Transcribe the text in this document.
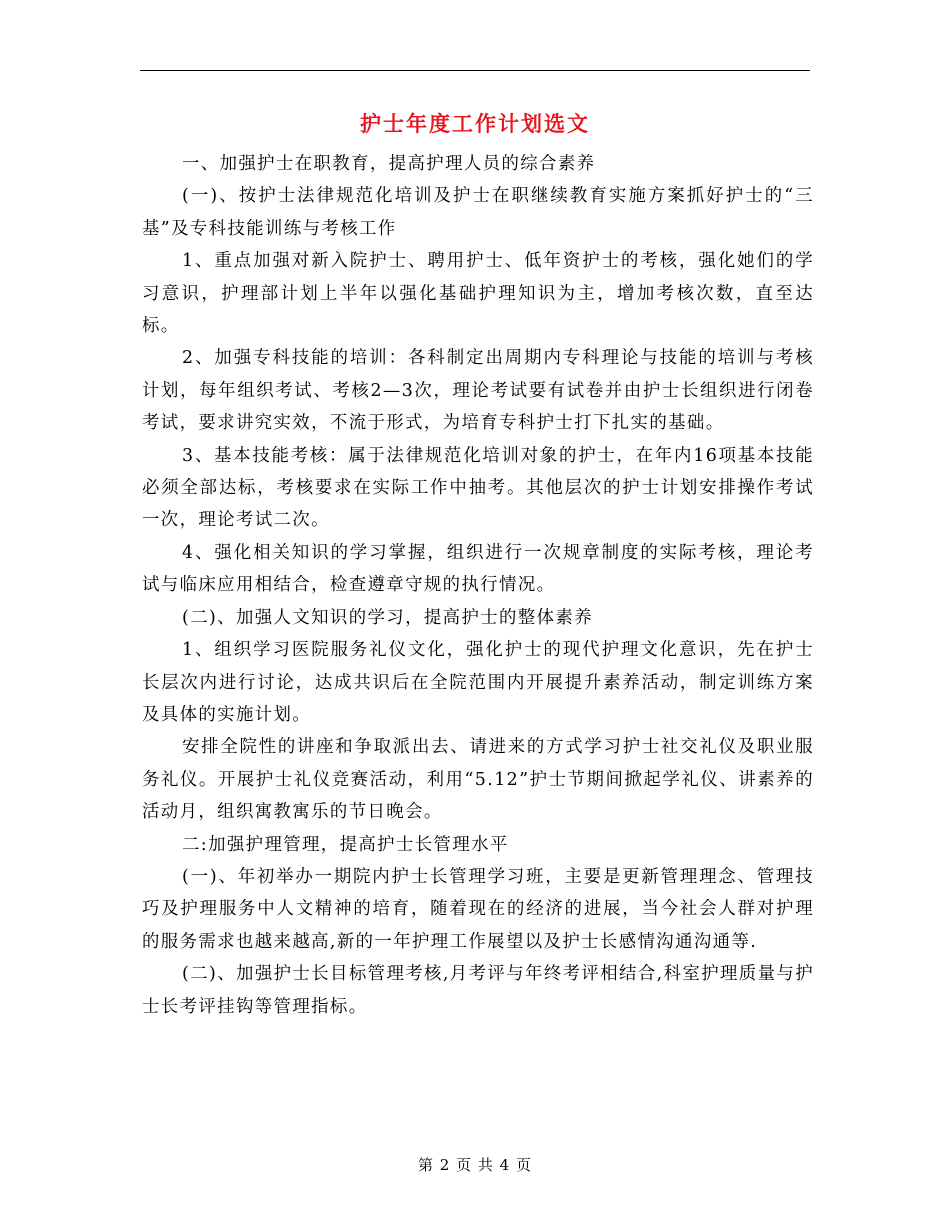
护士年度工作计划选文

一、加强护士在职教育，提高护理人员的综合素养

(一)、按护士法律规范化培训及护士在职继续教育实施方案抓好护士的“三基”及专科技能训练与考核工作

1、重点加强对新入院护士、聘用护士、低年资护士的考核，强化她们的学习意识，护理部计划上半年以强化基础护理知识为主，增加考核次数，直至达标。

2、加强专科技能的培训：各科制定出周期内专科理论与技能的培训与考核计划，每年组织考试、考核2—3次，理论考试要有试卷并由护士长组织进行闭卷考试，要求讲究实效，不流于形式，为培育专科护士打下扎实的基础。

3、基本技能考核：属于法律规范化培训对象的护士，在年内16项基本技能必须全部达标，考核要求在实际工作中抽考。其他层次的护士计划安排操作考试一次，理论考试二次。

4、强化相关知识的学习掌握，组织进行一次规章制度的实际考核，理论考试与临床应用相结合，检查遵章守规的执行情况。

(二)、加强人文知识的学习，提高护士的整体素养

1、组织学习医院服务礼仪文化，强化护士的现代护理文化意识，先在护士长层次内进行讨论，达成共识后在全院范围内开展提升素养活动，制定训练方案及具体的实施计划。

安排全院性的讲座和争取派出去、请进来的方式学习护士社交礼仪及职业服务礼仪。开展护士礼仪竞赛活动，利用“5.12”护士节期间掀起学礼仪、讲素养的活动月，组织寓教寓乐的节日晚会。

二:加强护理管理，提高护士长管理水平

(一)、年初举办一期院内护士长管理学习班，主要是更新管理理念、管理技巧及护理服务中人文精神的培育，随着现在的经济的进展，当今社会人群对护理的服务需求也越来越高,新的一年护理工作展望以及护士长感情沟通沟通等.

(二)、加强护士长目标管理考核,月考评与年终考评相结合,科室护理质量与护士长考评挂钩等管理指标。

第 2 页 共 4 页
